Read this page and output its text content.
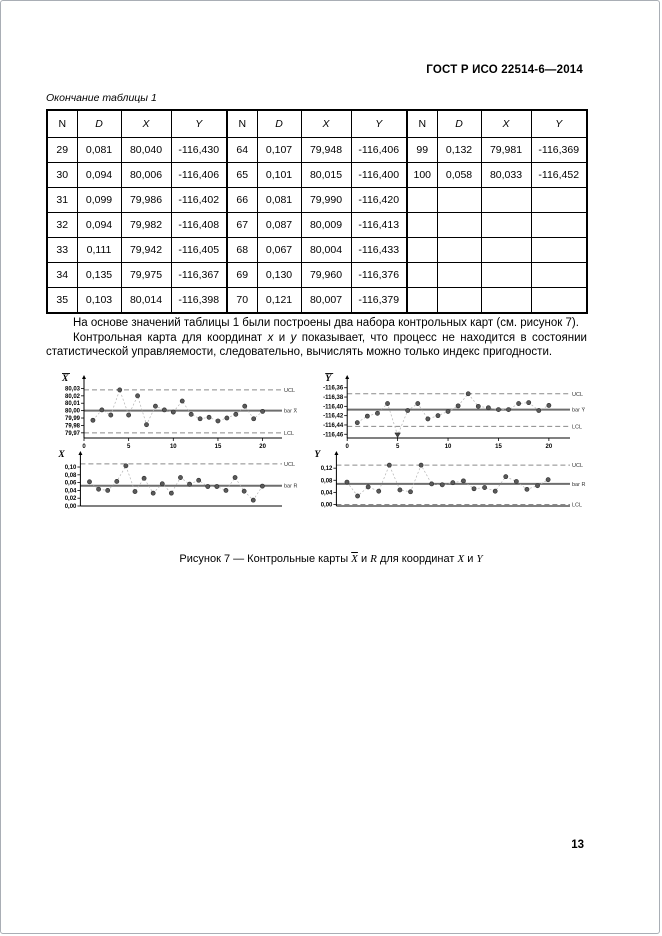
ГОСТ Р ИСО 22514-6—2014
Окончание таблицы 1
N	D	X	Y	N	D	X	Y	N	D	X	Y
29	0,081	80,040	-116,430	64	0,107	79,948	-116,406	99	0,132	79,981	-116,369
30	0,094	80,006	-116,406	65	0,101	80,015	-116,400	100	0,058	80,033	-116,452
31	0,099	79,986	-116,402	66	0,081	79,990	-116,420				
32	0,094	79,982	-116,408	67	0,087	80,009	-116,413				
33	0,111	79,942	-116,405	68	0,067	80,004	-116,433				
34	0,135	79,975	-116,367	69	0,130	79,960	-116,376				
35	0,103	80,014	-116,398	70	0,121	80,007	-116,379				

На основе значений таблицы 1 были построены два набора контрольных карт (см. рисунок 7).

Контрольная карта для координат x и y показывает, что процесс не находится в состоянии статистической управляемости, следовательно, вычислять можно только индекс пригодности.

UCL
bar X̄
LCL
80,03
80,02
80,01
80,00
79,99
79,98
79,97
0	5	10	15	20
X
UCL
bar Ȳ
LCL
-116,36
-116,38
-116,40
-116,42
-116,44
-116,46
0	5	10	15	20
Y
UCL
bar R
0,10
0,08
0,06
0,04
0,02
0,00
X
UCL
bar R
LCL
0,12
0,08
0,04
0,00
Y
Рисунок 7 — Контрольные карты $\overline{X}$ и R для координат X и Y
13
